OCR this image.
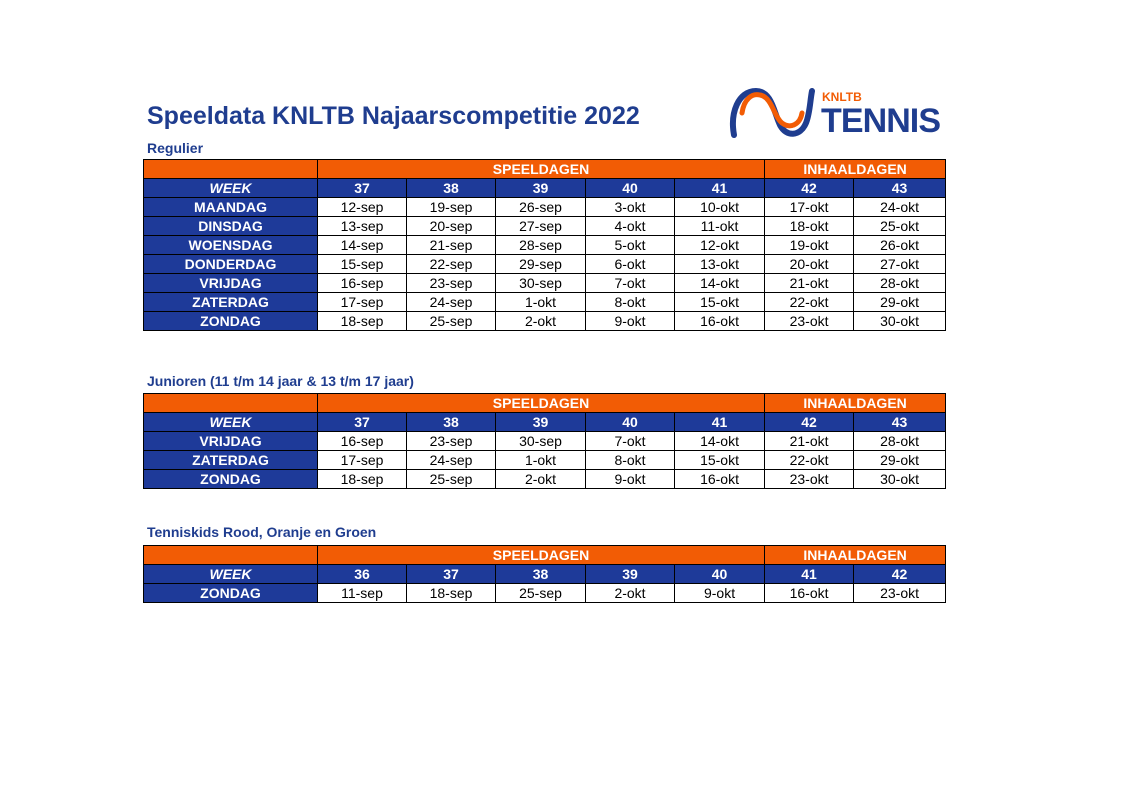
Speeldata KNLTB Najaarscompetitie 2022
KNLTB
TENNIS
Regulier
	SPEELDAGEN					INHAALDAGEN	
WEEK	37	38	39	40	41	42	43
MAANDAG	12-sep	19-sep	26-sep	3-okt	10-okt	17-okt	24-okt
DINSDAG	13-sep	20-sep	27-sep	4-okt	11-okt	18-okt	25-okt
WOENSDAG	14-sep	21-sep	28-sep	5-okt	12-okt	19-okt	26-okt
DONDERDAG	15-sep	22-sep	29-sep	6-okt	13-okt	20-okt	27-okt
VRIJDAG	16-sep	23-sep	30-sep	7-okt	14-okt	21-okt	28-okt
ZATERDAG	17-sep	24-sep	1-okt	8-okt	15-okt	22-okt	29-okt
ZONDAG	18-sep	25-sep	2-okt	9-okt	16-okt	23-okt	30-okt
Junioren (11 t/m 14 jaar & 13 t/m 17 jaar)
	SPEELDAGEN					INHAALDAGEN	
WEEK	37	38	39	40	41	42	43
VRIJDAG	16-sep	23-sep	30-sep	7-okt	14-okt	21-okt	28-okt
ZATERDAG	17-sep	24-sep	1-okt	8-okt	15-okt	22-okt	29-okt
ZONDAG	18-sep	25-sep	2-okt	9-okt	16-okt	23-okt	30-okt
Tenniskids Rood, Oranje en Groen
	SPEELDAGEN					INHAALDAGEN	
WEEK	36	37	38	39	40	41	42
ZONDAG	11-sep	18-sep	25-sep	2-okt	9-okt	16-okt	23-okt
